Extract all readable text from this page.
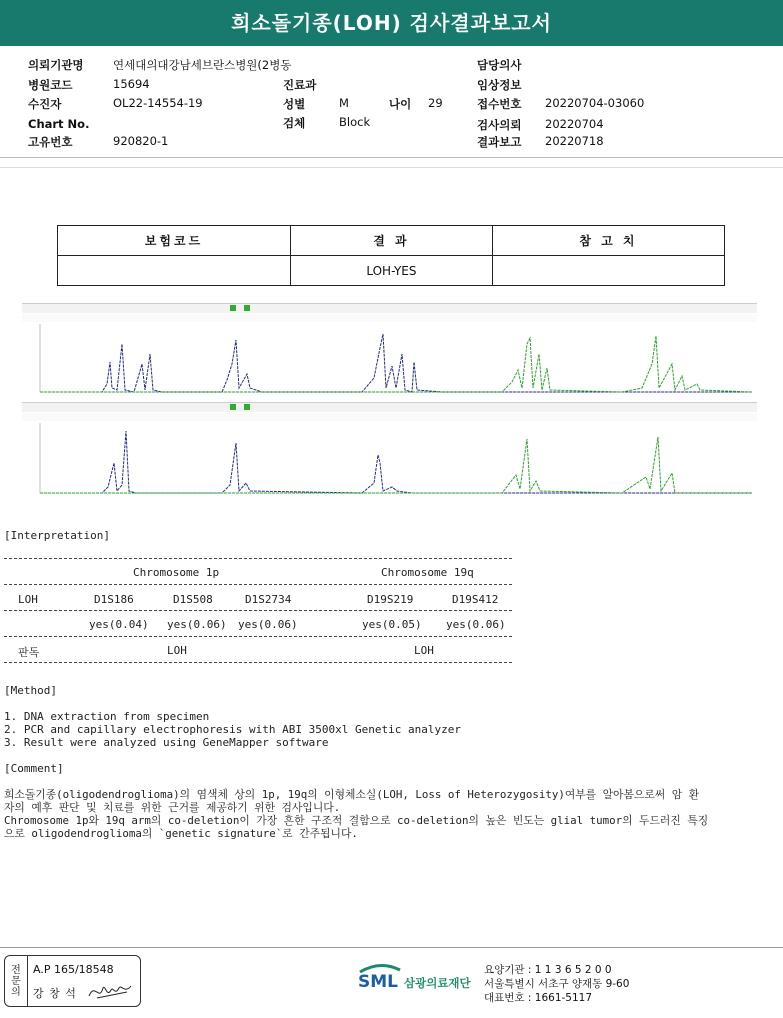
희소돌기종(LOH) 검사결과보고서
의뢰기관명	연세대의대강남세브란스병원(2병동
병원코드	15694
수진자	OL22-14554-19
Chart No.
고유번호	920820-1
진료과
성별	M	나이 29
검체	Block
담당의사
임상정보
접수번호 20220704-03060
검사의뢰 20220704
결과보고 20220718
보험코드	결 과	참 고 치
	LOH-YES	
[Interpretation]
Chromosome 1p	Chromosome 19q
LOH	D1S186	D1S508	D1S2734	D19S219	D19S412
yes(0.04) yes(0.06) yes(0.06)	yes(0.05) yes(0.06)
판독	LOH	LOH
[Method]
1. DNA extraction from specimen
2. PCR and capillary electrophoresis with ABI 3500xl Genetic analyzer
3. Result were analyzed using GeneMapper software
[Comment]
희소돌기종(oligodendroglioma)의 염색체 상의 1p, 19q의 이형체소실(LOH, Loss of Heterozygosity)여부를 알아봄으로써 암 환
자의 예후 판단 및 치료를 위한 근거를 제공하기 위한 검사입니다.
Chromosome 1p와 19q arm의 co-deletion이 가장 흔한 구조적 결함으로 co-deletion의 높은 빈도는 glial tumor의 두드러진 특징
으로 oligodendroglioma의 `genetic signature`로 간주됩니다.
전
문
의
A.P 165/18548
강 창 석
SML 삼광의료재단
요양기관 : 1 1 3 6 5 2 0 0
서울특별시 서초구 양재동 9-60
대표번호 : 1661-5117
